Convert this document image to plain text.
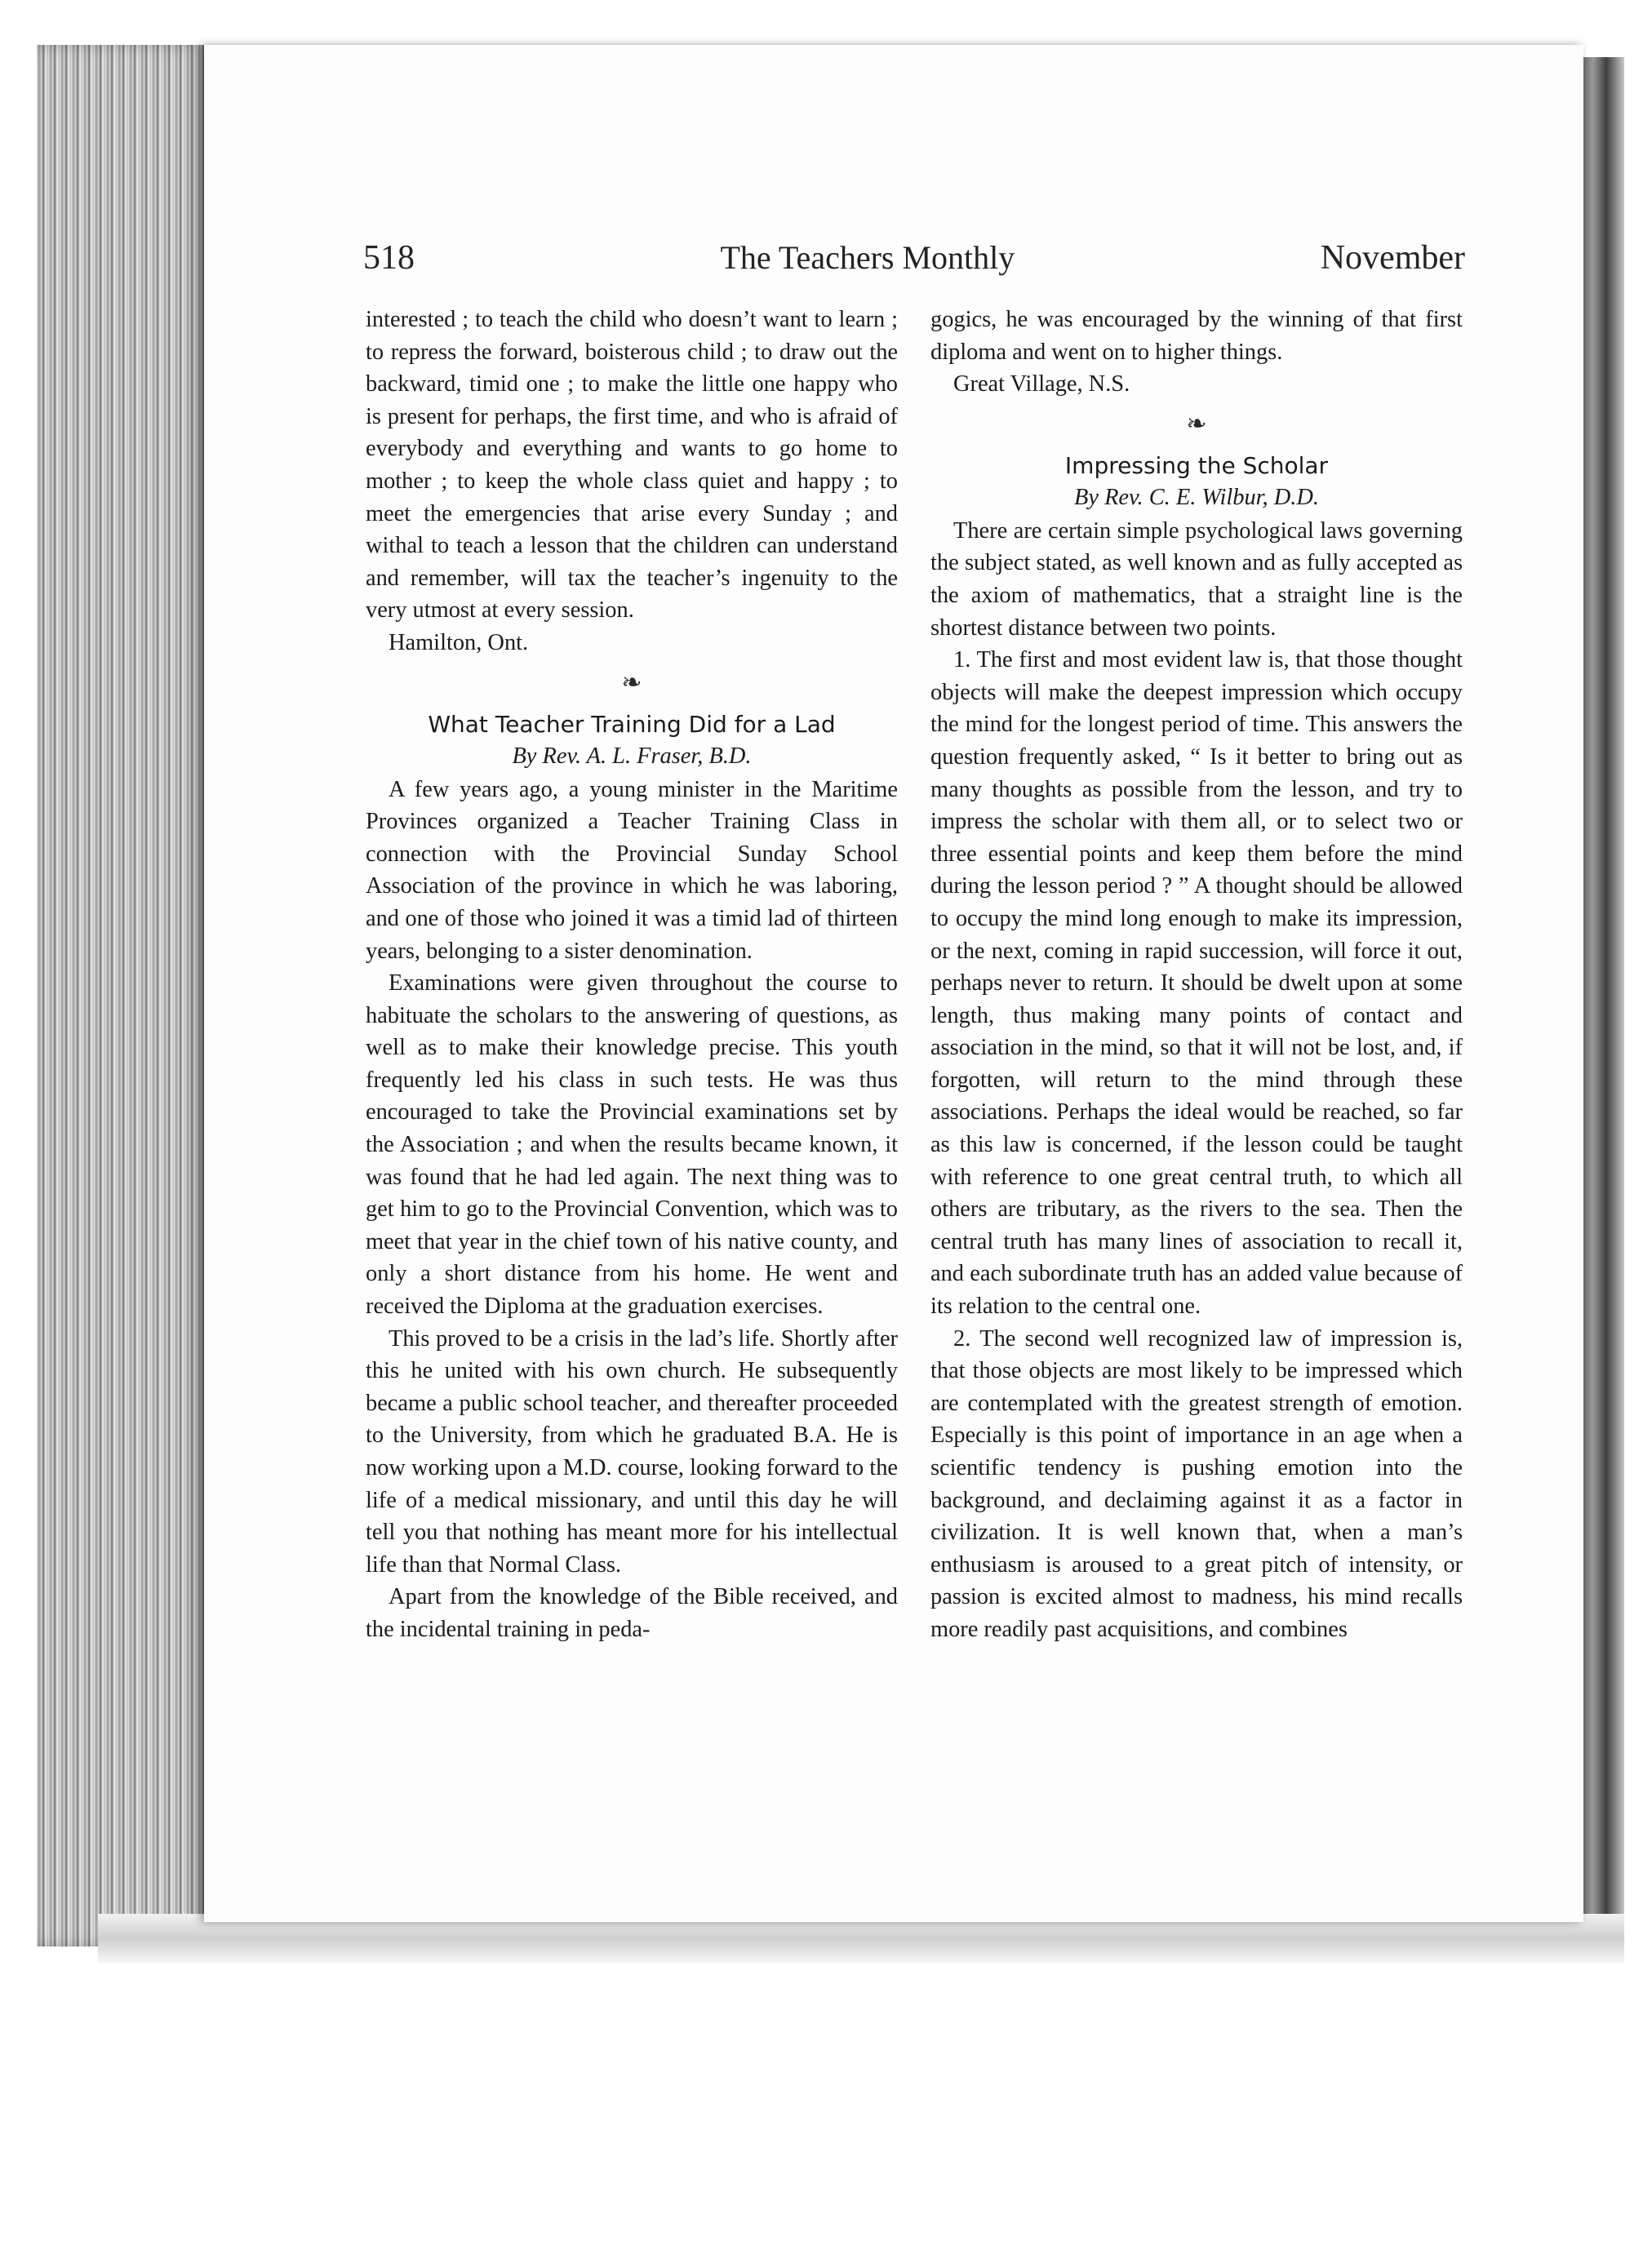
518	The Teachers Monthly	November

interested ; to teach the child who doesn’t want to learn ; to repress the forward, boisterous child ; to draw out the backward, timid one ; to make the little one happy who is present for perhaps, the first time, and who is afraid of everybody and everything and wants to go home to mother ; to keep the whole class quiet and happy ; to meet the emergencies that arise every Sunday ; and withal to teach a lesson that the children can understand and remember, will tax the teacher’s ingenuity to the very utmost at every session.

Hamilton, Ont.

❧
What Teacher Training Did for a Lad
By Rev. A. L. Fraser, B.D.

A few years ago, a young minister in the Maritime Provinces organized a Teacher Training Class in connection with the Provincial Sunday School Association of the province in which he was laboring, and one of those who joined it was a timid lad of thirteen years, belonging to a sister denomination.

Examinations were given throughout the course to habituate the scholars to the answering of questions, as well as to make their knowledge precise. This youth frequently led his class in such tests. He was thus encouraged to take the Provincial examinations set by the Association ; and when the results became known, it was found that he had led again. The next thing was to get him to go to the Provincial Convention, which was to meet that year in the chief town of his native county, and only a short distance from his home. He went and received the Diploma at the graduation exercises.

This proved to be a crisis in the lad’s life. Shortly after this he united with his own church. He subsequently became a public school teacher, and thereafter proceeded to the University, from which he graduated B.A. He is now working upon a M.D. course, looking forward to the life of a medical missionary, and until this day he will tell you that nothing has meant more for his intellectual life than that Normal Class.

Apart from the knowledge of the Bible received, and the incidental training in peda-

gogics, he was encouraged by the winning of that first diploma and went on to higher things.

Great Village, N.S.

❧
Impressing the Scholar
By Rev. C. E. Wilbur, D.D.

There are certain simple psychological laws governing the subject stated, as well known and as fully accepted as the axiom of mathematics, that a straight line is the shortest distance between two points.

1. The first and most evident law is, that those thought objects will make the deepest impression which occupy the mind for the longest period of time. This answers the question frequently asked, “ Is it better to bring out as many thoughts as possible from the lesson, and try to impress the scholar with them all, or to select two or three essential points and keep them before the mind during the lesson period ? ” A thought should be allowed to occupy the mind long enough to make its impression, or the next, coming in rapid succession, will force it out, perhaps never to return. It should be dwelt upon at some length, thus making many points of contact and association in the mind, so that it will not be lost, and, if forgotten, will return to the mind through these associations. Perhaps the ideal would be reached, so far as this law is concerned, if the lesson could be taught with reference to one great central truth, to which all others are tributary, as the rivers to the sea. Then the central truth has many lines of association to recall it, and each subordinate truth has an added value because of its relation to the central one.

2. The second well recognized law of impression is, that those objects are most likely to be impressed which are contemplated with the greatest strength of emotion. Especially is this point of importance in an age when a scientific tendency is pushing emotion into the background, and declaiming against it as a factor in civilization. It is well known that, when a man’s enthusiasm is aroused to a great pitch of intensity, or passion is excited almost to madness, his mind recalls more readily past acquisitions, and combines
